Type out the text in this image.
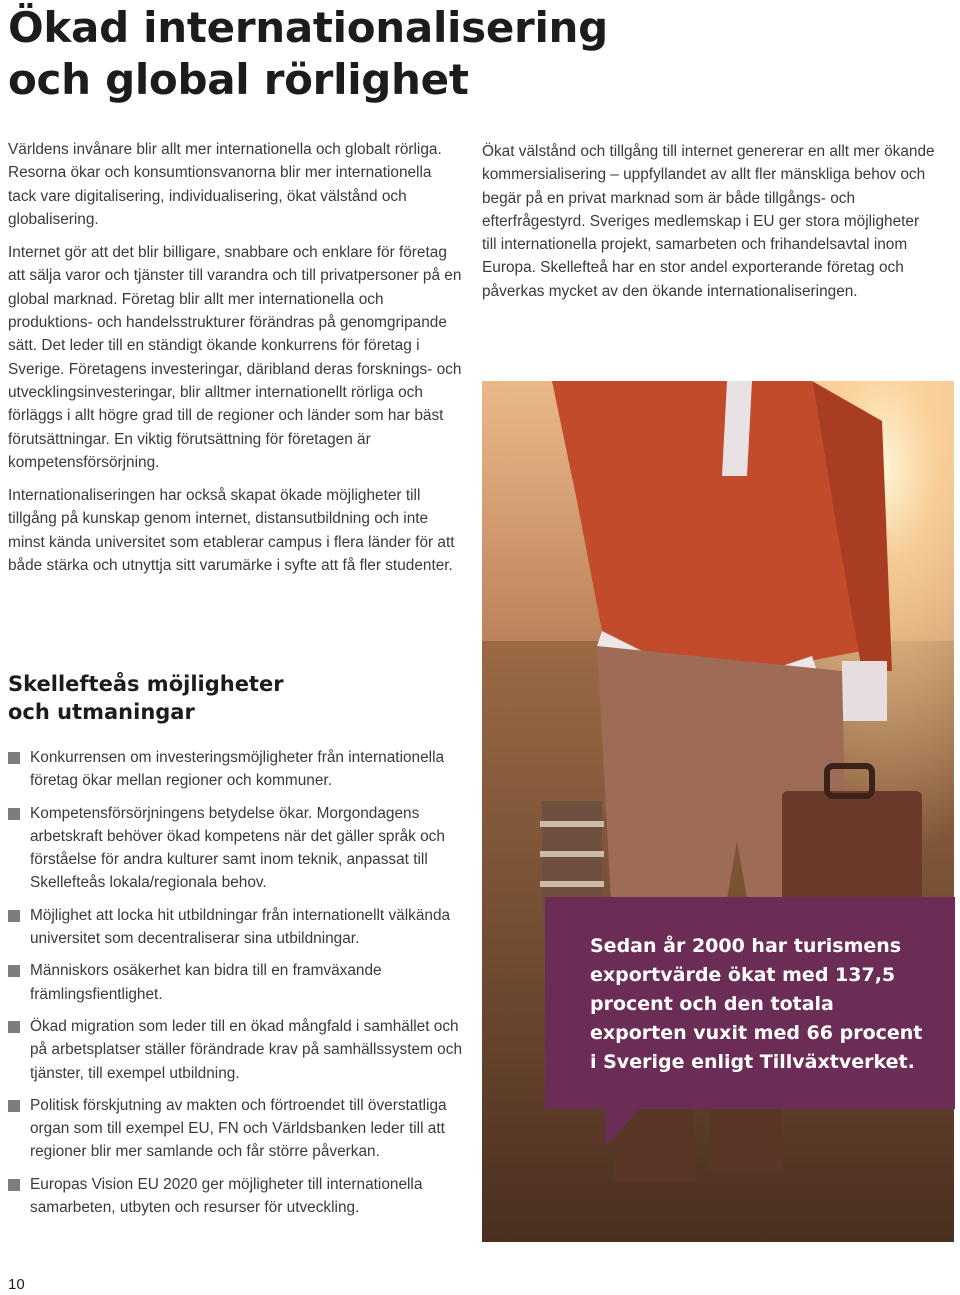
Ökad internationalisering
och global rörlighet

Världens invånare blir allt mer internationella och globalt rörliga. Resorna ökar och konsumtionsvanorna blir mer internationella tack vare digitalisering, individualisering, ökat välstånd och globalisering.

Internet gör att det blir billigare, snabbare och enklare för företag att sälja varor och tjänster till varandra och till privatpersoner på en global marknad. Företag blir allt mer internationella och produktions- och handelsstrukturer förändras på genomgripande sätt. Det leder till en ständigt ökande konkurrens för företag i Sverige. Företagens investeringar, däribland deras forsknings- och utvecklingsinvesteringar, blir alltmer internationellt rörliga och förläggs i allt högre grad till de regioner och länder som har bäst förutsättningar. En viktig förutsättning för företagen är kompetensförsörjning.

Internationaliseringen har också skapat ökade möjligheter till tillgång på kunskap genom internet, distansutbildning och inte minst kända universitet som etablerar campus i flera länder för att både stärka och utnyttja sitt varumärke i syfte att få fler studenter.

Ökat välstånd och tillgång till internet genererar en allt mer ökande kommersialisering – uppfyllandet av allt fler mänskliga behov och begär på en privat marknad som är både tillgångs- och efterfrågestyrd. Sveriges medlemskap i EU ger stora möjligheter till internationella projekt, samarbeten och frihandelsavtal inom Europa. Skellefteå har en stor andel exporterande företag och påverkas mycket av den ökande internationaliseringen.

Sedan år 2000 har turismens exportvärde ökat med 137,5 procent och den totala exporten vuxit med 66 procent i Sverige enligt Tillväxtverket.

Skellefteås möjligheter
och utmaningar
Konkurrensen om investeringsmöjligheter från internationella företag ökar mellan regioner och kommuner.
Kompetensförsörjningens betydelse ökar. Morgondagens arbetskraft behöver ökad kompetens när det gäller språk och förståelse för andra kulturer samt inom teknik, anpassat till Skellefteås lokala/regionala behov.
Möjlighet att locka hit utbildningar från internationellt välkända universitet som decentraliserar sina utbildningar.
Människors osäkerhet kan bidra till en framväxande främlingsfientlighet.
Ökad migration som leder till en ökad mångfald i samhället och på arbetsplatser ställer förändrade krav på samhällssystem och tjänster, till exempel utbildning.
Politisk förskjutning av makten och förtroendet till överstatliga organ som till exempel EU, FN och Världsbanken leder till att regioner blir mer samlande och får större påverkan.
Europas Vision EU 2020 ger möjligheter till internationella samarbeten, utbyten och resurser för utveckling.
10
